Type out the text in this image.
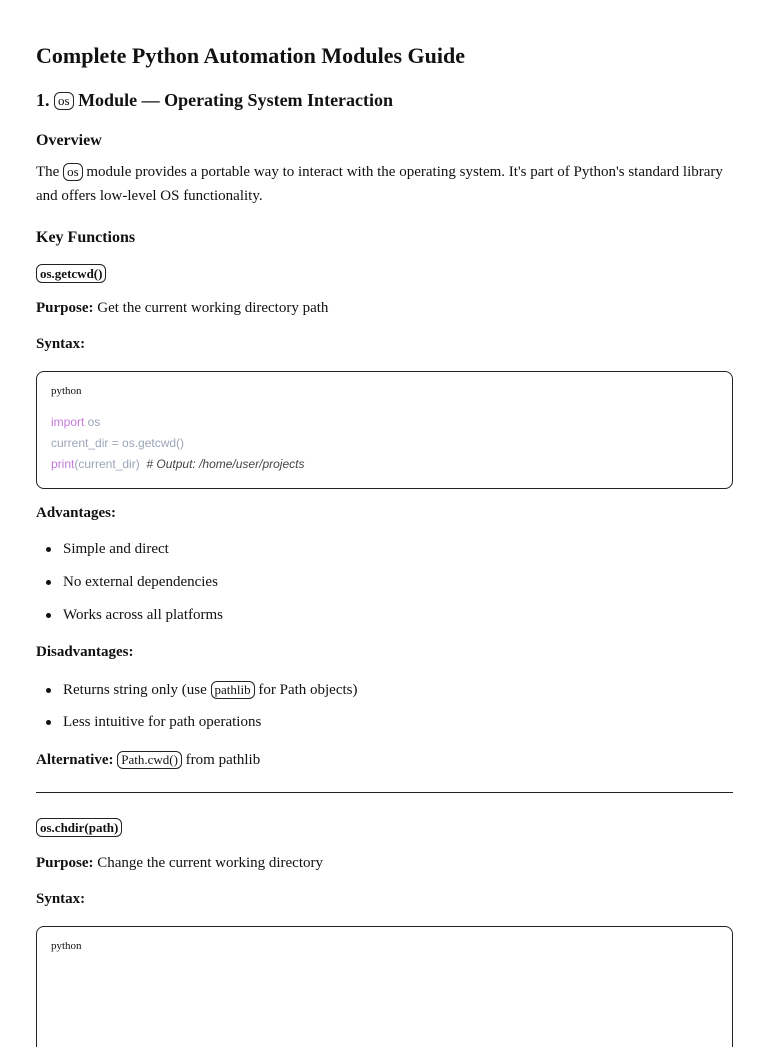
Complete Python Automation Modules Guide
1. os Module — Operating System Interaction
Overview

The os module provides a portable way to interact with the operating system. It's part of Python's standard library and offers low-level OS functionality.

Key Functions
os.getcwd()

Purpose: Get the current working directory path

Syntax:

python
import os
current_dir = os.getcwd()
print(current_dir) # Output: /home/user/projects

Advantages:

Simple and direct
No external dependencies
Works across all platforms

Disadvantages:

Returns string only (use pathlib for Path objects)
Less intuitive for path operations

Alternative: Path.cwd() from pathlib

os.chdir(path)

Purpose: Change the current working directory

Syntax:

python
